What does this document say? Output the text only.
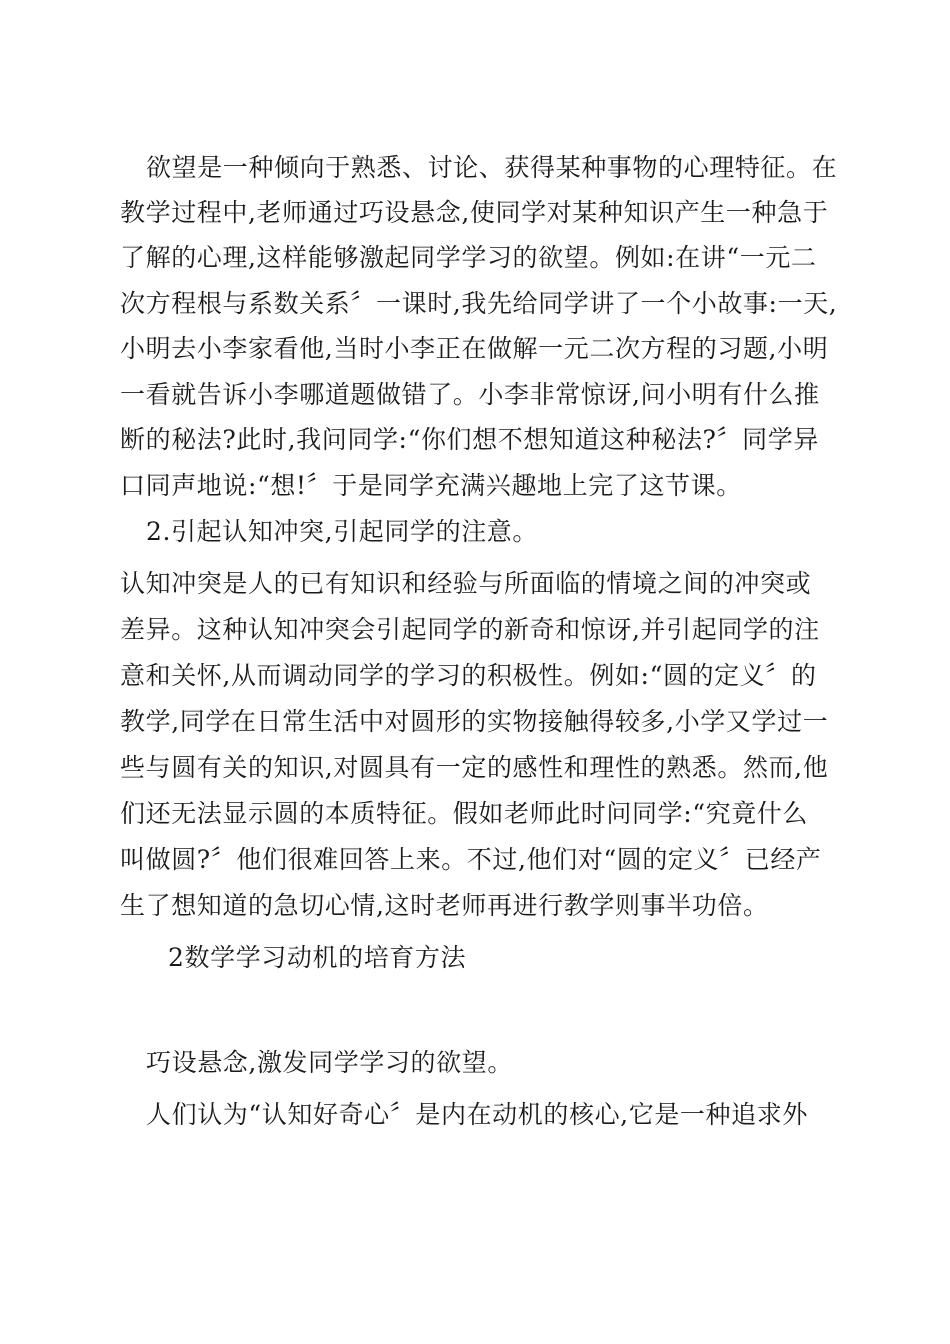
欲望是一种倾向于熟悉、讨论、获得某种事物的心理特征。在
教学过程中,老师通过巧设悬念,使同学对某种知识产生一种急于
了解的心理,这样能够激起同学学习的欲望。例如:在讲“一元二
次方程根与系数关系〞一课时,我先给同学讲了一个小故事:一天,
小明去小李家看他,当时小李正在做解一元二次方程的习题,小明
一看就告诉小李哪道题做错了。小李非常惊讶,问小明有什么推
断的秘法?此时,我问同学:“你们想不想知道这种秘法?〞同学异
口同声地说:“想!〞于是同学充满兴趣地上完了这节课。
2.引起认知冲突,引起同学的注意。
认知冲突是人的已有知识和经验与所面临的情境之间的冲突或
差异。这种认知冲突会引起同学的新奇和惊讶,并引起同学的注
意和关怀,从而调动同学的学习的积极性。例如:“圆的定义〞的
教学,同学在日常生活中对圆形的实物接触得较多,小学又学过一
些与圆有关的知识,对圆具有一定的感性和理性的熟悉。然而,他
们还无法显示圆的本质特征。假如老师此时问同学:“究竟什么
叫做圆?〞他们很难回答上来。不过,他们对“圆的定义〞已经产
生了想知道的急切心情,这时老师再进行教学则事半功倍。
2数学学习动机的培育方法
巧设悬念,激发同学学习的欲望。
人们认为“认知好奇心〞是内在动机的核心,它是一种追求外
